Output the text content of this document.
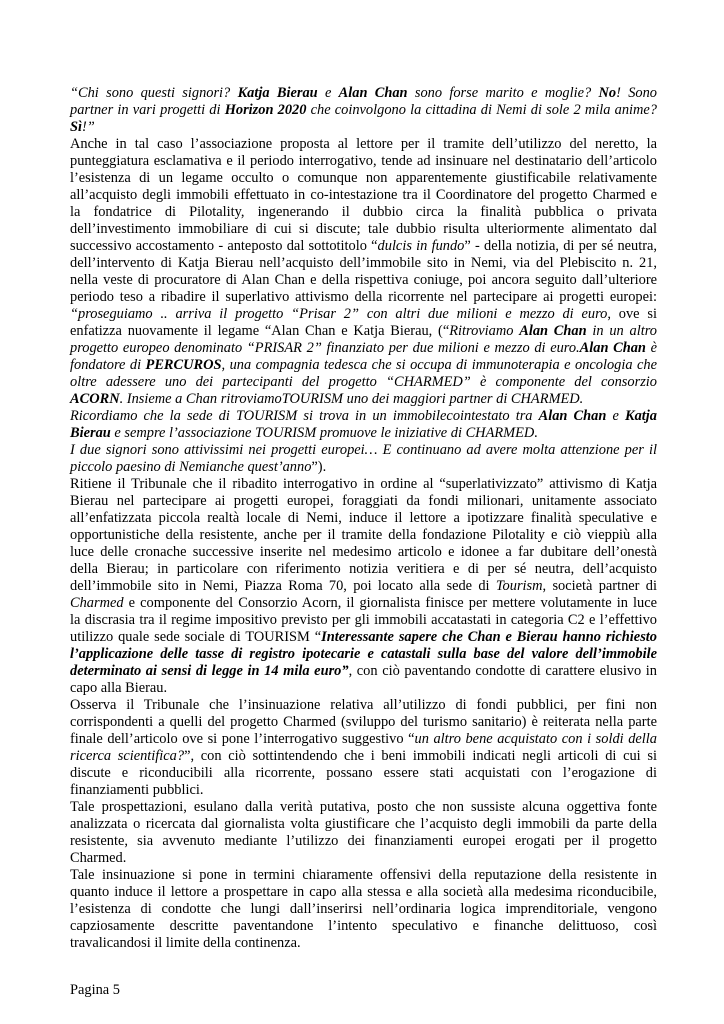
“Chi sono questi signori? Katja Bierau e Alan Chan sono forse marito e moglie? No! Sono
partner in vari progetti di Horizon 2020 che coinvolgono la cittadina di Nemi di sole 2 mila anime?
Sì!”
Anche in tal caso l’associazione proposta al lettore per il tramite dell’utilizzo del neretto, la
punteggiatura esclamativa e il periodo interrogativo, tende ad insinuare nel destinatario dell’articolo
l’esistenza di un legame occulto o comunque non apparentemente giustificabile relativamente
all’acquisto degli immobili effettuato in co-intestazione tra il Coordinatore del progetto Charmed e
la fondatrice di Pilotality, ingenerando il dubbio circa la finalità pubblica o privata
dell’investimento immobiliare di cui si discute; tale dubbio risulta ulteriormente alimentato dal
successivo accostamento - anteposto dal sottotitolo “dulcis in fundo” - della notizia, di per sé neutra,
dell’intervento di Katja Bierau nell’acquisto dell’immobile sito in Nemi, via del Plebiscito n. 21,
nella veste di procuratore di Alan Chan e della rispettiva coniuge, poi ancora seguito dall’ulteriore
periodo teso a ribadire il superlativo attivismo della ricorrente nel partecipare ai progetti europei:
“proseguiamo .. arriva il progetto “Prisar 2” con altri due milioni e mezzo di euro, ove si
enfatizza nuovamente il legame “Alan Chan e Katja Bierau, (“Ritroviamo Alan Chan in un altro
progetto europeo denominato “PRISAR 2” finanziato per due milioni e mezzo di euro.Alan Chan è
fondatore di PERCUROS, una compagnia tedesca che si occupa di immunoterapia e oncologia che
oltre adessere uno dei partecipanti del progetto “CHARMED” è componente del consorzio
ACORN. Insieme a Chan ritroviamoTOURISM uno dei maggiori partner di CHARMED.
Ricordiamo che la sede di TOURISM si trova in un immobilecointestato tra Alan Chan e Katja
Bierau e sempre l’associazione TOURISM promuove le iniziative di CHARMED.
I due signori sono attivissimi nei progetti europei… E continuano ad avere molta attenzione per il
piccolo paesino di Nemianche quest’anno”).
Ritiene il Tribunale che il ribadito interrogativo in ordine al “superlativizzato” attivismo di Katja
Bierau nel partecipare ai progetti europei, foraggiati da fondi milionari, unitamente associato
all’enfatizzata piccola realtà locale di Nemi, induce il lettore a ipotizzare finalità speculative e
opportunistiche della resistente, anche per il tramite della fondazione Pilotality e ciò vieppiù alla
luce delle cronache successive inserite nel medesimo articolo e idonee a far dubitare dell’onestà
della Bierau; in particolare con riferimento notizia veritiera e di per sé neutra, dell’acquisto
dell’immobile sito in Nemi, Piazza Roma 70, poi locato alla sede di Tourism, società partner di
Charmed e componente del Consorzio Acorn, il giornalista finisce per mettere volutamente in luce
la discrasia tra il regime impositivo previsto per gli immobili accatastati in categoria C2 e l’effettivo
utilizzo quale sede sociale di TOURISM “Interessante sapere che Chan e Bierau hanno richiesto
l’applicazione delle tasse di registro ipotecarie e catastali sulla base del valore dell’immobile
determinato ai sensi di legge in 14 mila euro”, con ciò paventando condotte di carattere elusivo in
capo alla Bierau.
Osserva il Tribunale che l’insinuazione relativa all’utilizzo di fondi pubblici, per fini non
corrispondenti a quelli del progetto Charmed (sviluppo del turismo sanitario) è reiterata nella parte
finale dell’articolo ove si pone l’interrogativo suggestivo “un altro bene acquistato con i soldi della
ricerca scientifica?”, con ciò sottintendendo che i beni immobili indicati negli articoli di cui si
discute e riconducibili alla ricorrente, possano essere stati acquistati con l’erogazione di
finanziamenti pubblici.
Tale prospettazioni, esulano dalla verità putativa, posto che non sussiste alcuna oggettiva fonte
analizzata o ricercata dal giornalista volta giustificare che l’acquisto degli immobili da parte della
resistente, sia avvenuto mediante l’utilizzo dei finanziamenti europei erogati per il progetto
Charmed.
Tale insinuazione si pone in termini chiaramente offensivi della reputazione della resistente in
quanto induce il lettore a prospettare in capo alla stessa e alla società alla medesima riconducibile,
l’esistenza di condotte che lungi dall’inserirsi nell’ordinaria logica imprenditoriale, vengono
capziosamente descritte paventandone l’intento speculativo e finanche delittuoso, così
travalicandosi il limite della continenza.
Pagina 5
